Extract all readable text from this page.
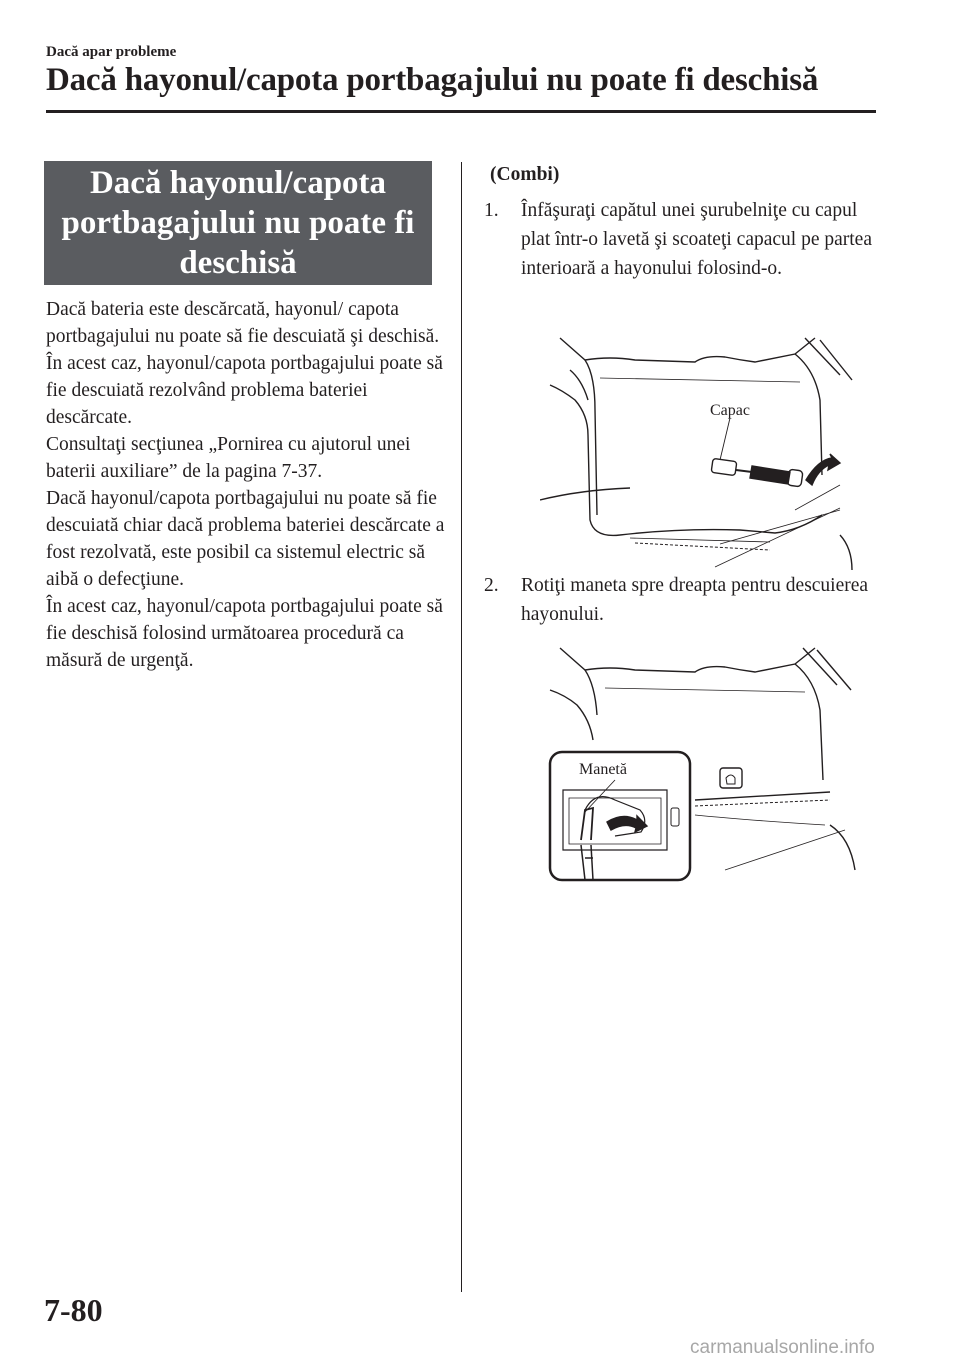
Dacă apar probleme
Dacă hayonul/capota portbagajului nu poate fi deschisă
Dacă hayonul/capota portbagajului nu poate fi deschisă

Dacă bateria este descărcată, hayonul/ capota portbagajului nu poate să fie descuiată şi deschisă.

În acest caz, hayonul/capota portbagajului poate să fie descuiată rezolvând problema bateriei descărcate.

Consultaţi secţiunea „Pornirea cu ajutorul unei baterii auxiliare” de la pagina 7-37.

Dacă hayonul/capota portbagajului nu poate să fie descuiată chiar dacă problema bateriei descărcate a fost rezolvată, este posibil ca sistemul electric să aibă o defecţiune.

În acest caz, hayonul/capota portbagajului poate să fie deschisă folosind următoarea procedură ca măsură de urgenţă.

(Combi)
1.	Înfăşuraţi capătul unei şurubelniţe cu capul plat într-o lavetă şi scoateţi capacul pe partea interioară a hayonului folosind-o.
Capac
2.	Rotiţi maneta spre dreapta pentru descuierea hayonului.
Manetă
7-80
carmanualsonline.info
